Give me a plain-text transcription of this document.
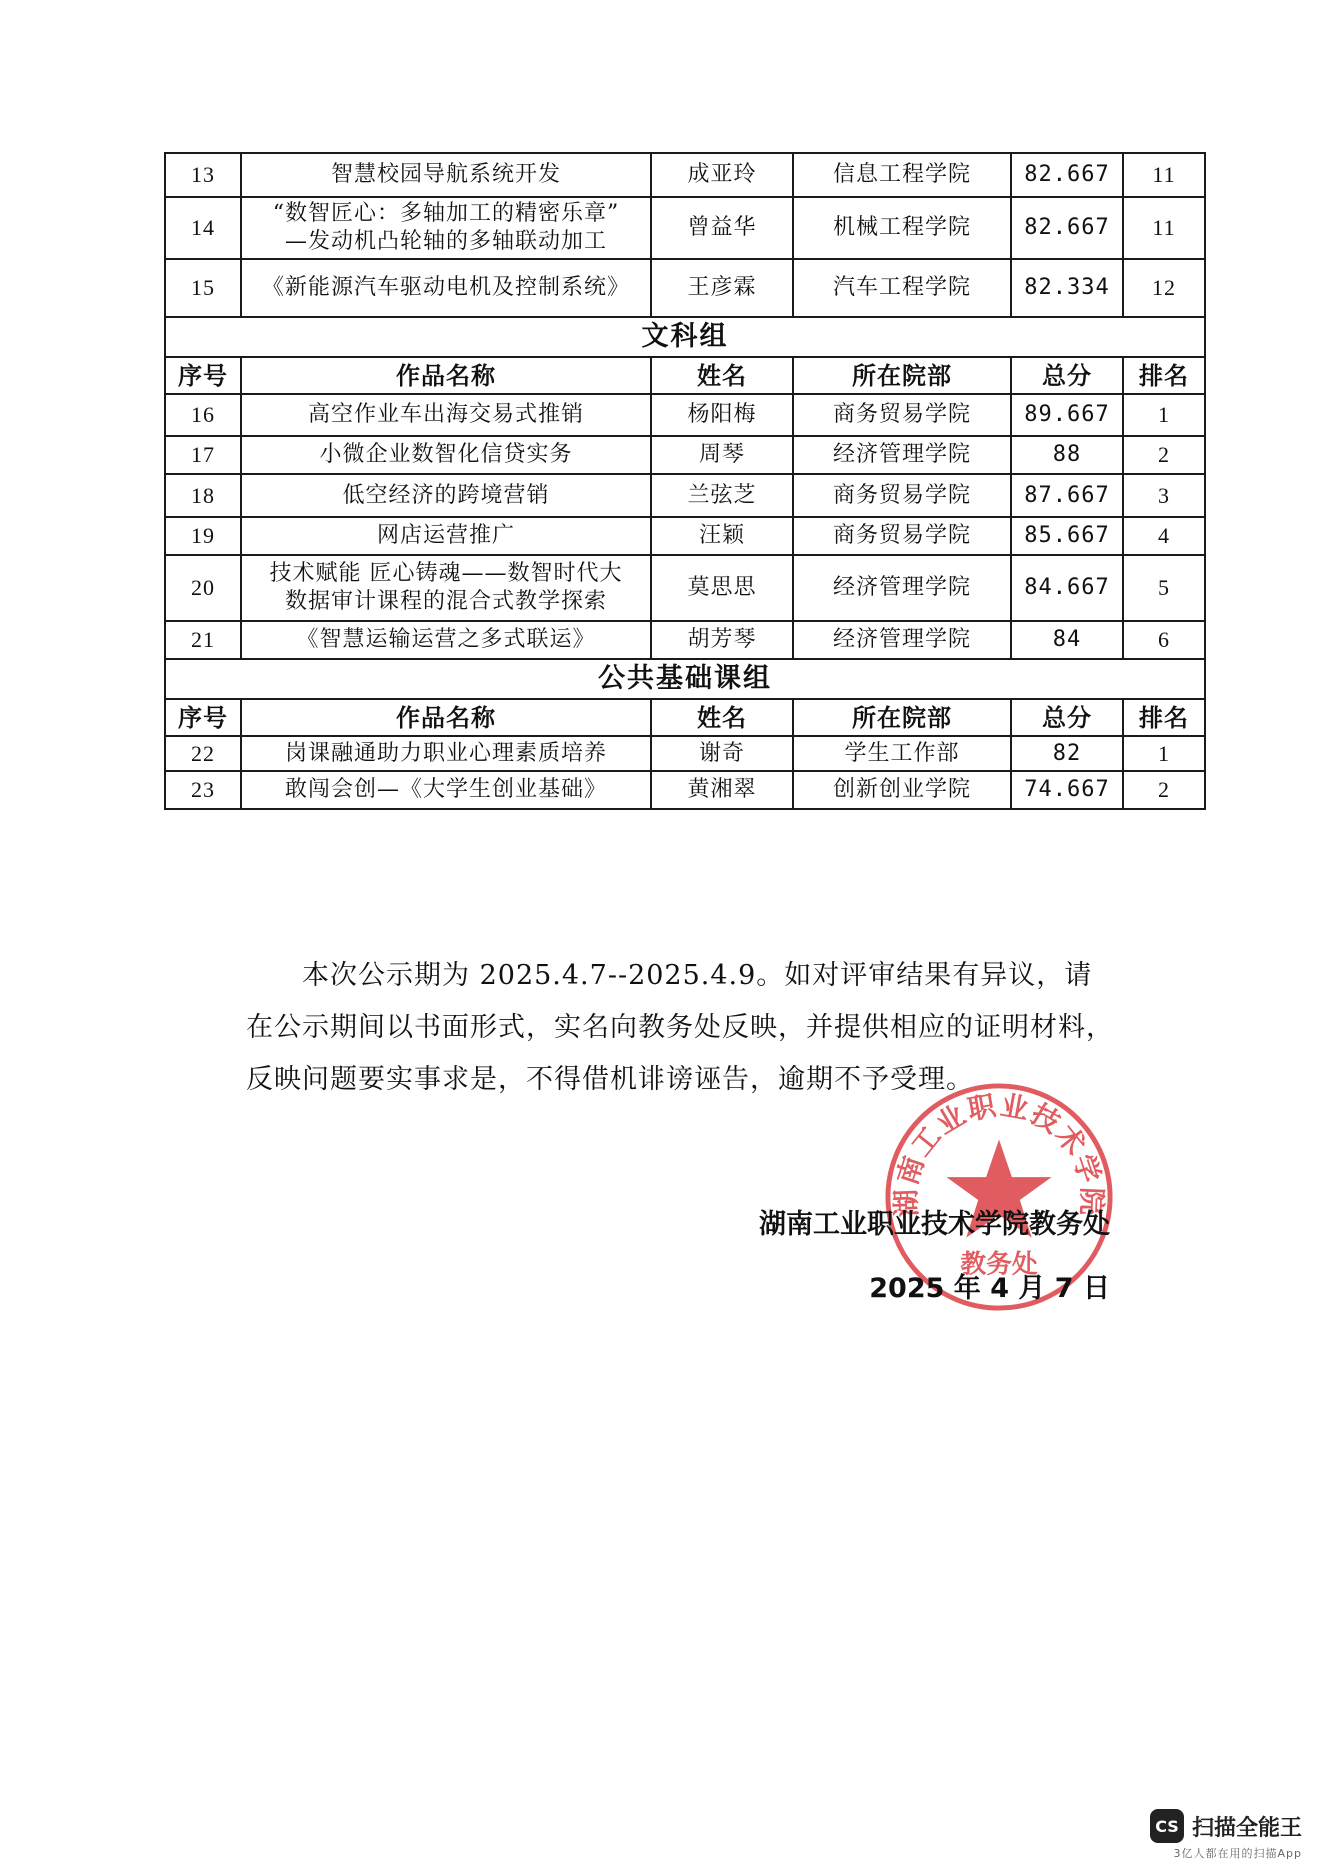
13	智慧校园导航系统开发	成亚玲	信息工程学院	82.667	11
14	“数智匠心：多轴加工的精密乐章”
—发动机凸轮轴的多轴联动加工	曾益华	机械工程学院	82.667	11
15	《新能源汽车驱动电机及控制系统》	王彦霖	汽车工程学院	82.334	12
文科组					
序号	作品名称	姓名	所在院部	总分	排名
16	高空作业车出海交易式推销	杨阳梅	商务贸易学院	89.667	1
17	小微企业数智化信贷实务	周琴	经济管理学院	88	2
18	低空经济的跨境营销	兰弦芝	商务贸易学院	87.667	3
19	网店运营推广	汪颖	商务贸易学院	85.667	4
20	技术赋能 匠心铸魂——数智时代大
数据审计课程的混合式教学探索	莫思思	经济管理学院	84.667	5
21	《智慧运输运营之多式联运》	胡芳琴	经济管理学院	84	6
公共基础课组					
序号	作品名称	姓名	所在院部	总分	排名
22	岗课融通助力职业心理素质培养	谢奇	学生工作部	82	1
23	敢闯会创—《大学生创业基础》	黄湘翠	创新创业学院	74.667	2

本次公示期为 2025.4.7--2025.4.9。如对评审结果有异议，请

在公示期间以书面形式，实名向教务处反映，并提供相应的证明材料，

反映问题要实事求是，不得借机诽谤诬告，逾期不予受理。

湖南工业职业技术学院
教务处
湖南工业职业技术学院教务处
2025 年 4 月 7 日
CS 扫描全能王
3亿人都在用的扫描App
